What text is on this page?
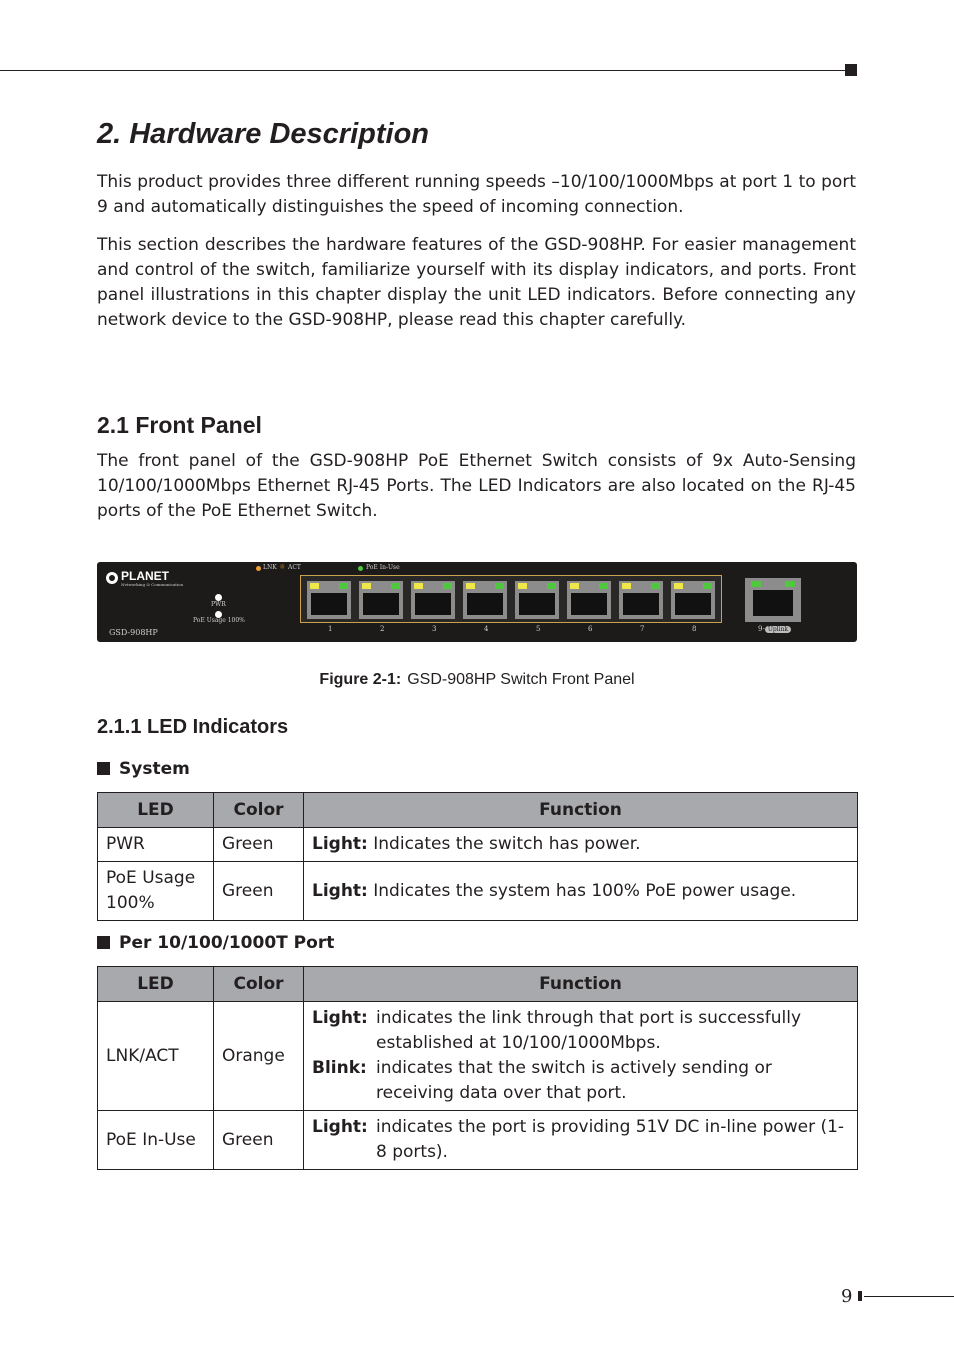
2. Hardware Description

This product provides three different running speeds –10/100/1000Mbps at port 1 to port 9 and automatically distinguishes the speed of incoming connection.

This section describes the hardware features of the GSD-908HP. For easier management and control of the switch, familiarize yourself with its display indicators, and ports. Front panel illustrations in this chapter display the unit LED indicators. Before connecting any network device to the GSD-908HP, please read this chapter carefully.

2.1 Front Panel

The front panel of the GSD-908HP PoE Ethernet Switch consists of 9x Auto-Sensing 10/100/1000Mbps Ethernet RJ-45 Ports. The LED Indicators are also located on the RJ-45 ports of the PoE Ethernet Switch.

PLANET
Networking & Communication
GSD-908HP
PWR
PoE Usage 100%
LNK ☼ ACT	PoE In-Use
1	2	3	4	5	6	7	8	9- Uplink
Figure 2-1: GSD-908HP Switch Front Panel
2.1.1 LED Indicators
System
LED	Color	Function
PWR	Green	Light: Indicates the switch has power.
PoE Usage 100%	Green	Light: Indicates the system has 100% PoE power usage.
Per 10/100/1000T Port
LED	Color	Function
LNK/ACT	Orange	Light: indicates the link through that port is successfully established at 10/100/1000Mbps.
Blink: indicates that the switch is actively sending or receiving data over that port.

PoE In-Use	Green	Light: indicates the port is providing 51V DC in-line power (1-8 ports).
9
